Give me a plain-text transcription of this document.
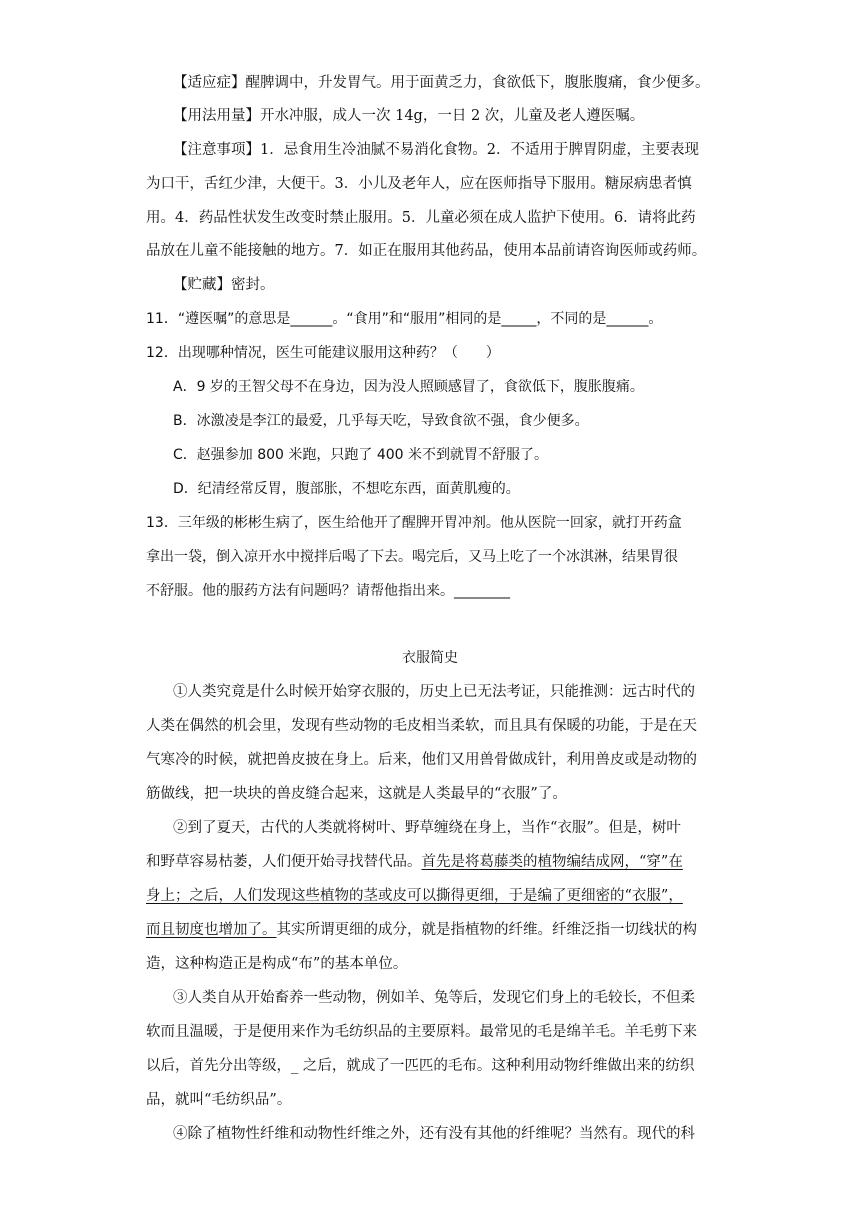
【适应症】醒脾调中，升发胃气。用于面黄乏力，食欲低下，腹胀腹痛，食少便多。
【用法用量】开水冲服，成人一次 14g，一日 2 次，儿童及老人遵医嘱。
【注意事项】1．忌食用生冷油腻不易消化食物。2．不适用于脾胃阴虚，主要表现
为口干，舌红少津，大便干。3．小儿及老年人，应在医师指导下服用。糖尿病患者慎
用。4．药品性状发生改变时禁止服用。5．儿童必须在成人监护下使用。6．请将此药
品放在儿童不能接触的地方。7．如正在服用其他药品，使用本品前请咨询医师或药师。
【贮藏】密封。
11．“遵医嘱”的意思是______。“食用”和“服用”相同的是_____，不同的是______。
12．出现哪种情况，医生可能建议服用这种药？（　　）
A．9 岁的王智父母不在身边，因为没人照顾感冒了，食欲低下，腹胀腹痛。
B．冰激凌是李江的最爱，几乎每天吃，导致食欲不强，食少便多。
C．赵强参加 800 米跑，只跑了 400 米不到就胃不舒服了。
D．纪清经常反胃，腹部胀，不想吃东西，面黄肌瘦的。
13．三年级的彬彬生病了，医生给他开了醒脾开胃冲剂。他从医院一回家，就打开药盒
拿出一袋，倒入凉开水中搅拌后喝了下去。喝完后，又马上吃了一个冰淇淋，结果胃很
不舒服。他的服药方法有问题吗？请帮他指出来。________
衣服简史
①人类究竟是什么时候开始穿衣服的，历史上已无法考证，只能推测：远古时代的
人类在偶然的机会里，发现有些动物的毛皮相当柔软，而且具有保暖的功能，于是在天
气寒冷的时候，就把兽皮披在身上。后来，他们又用兽骨做成针，利用兽皮或是动物的
筋做线，把一块块的兽皮缝合起来，这就是人类最早的“衣服”了。
②到了夏天，古代的人类就将树叶、野草缠绕在身上，当作“衣服”。但是，树叶
和野草容易枯萎，人们便开始寻找替代品。首先是将葛藤类的植物编结成网，“穿”在
身上；之后，人们发现这些植物的茎或皮可以撕得更细，于是编了更细密的“衣服”，
而且韧度也增加了。其实所谓更细的成分，就是指植物的纤维。纤维泛指一切线状的构
造，这种构造正是构成“布”的基本单位。
③人类自从开始畜养一些动物，例如羊、兔等后，发现它们身上的毛较长，不但柔
软而且温暖，于是便用来作为毛纺织品的主要原料。最常见的毛是绵羊毛。羊毛剪下来
以后，首先分出等级，_ 之后，就成了一匹匹的毛布。这种利用动物纤维做出来的纺织
品，就叫“毛纺织品”。
④除了植物性纤维和动物性纤维之外，还有没有其他的纤维呢？当然有。现代的科
